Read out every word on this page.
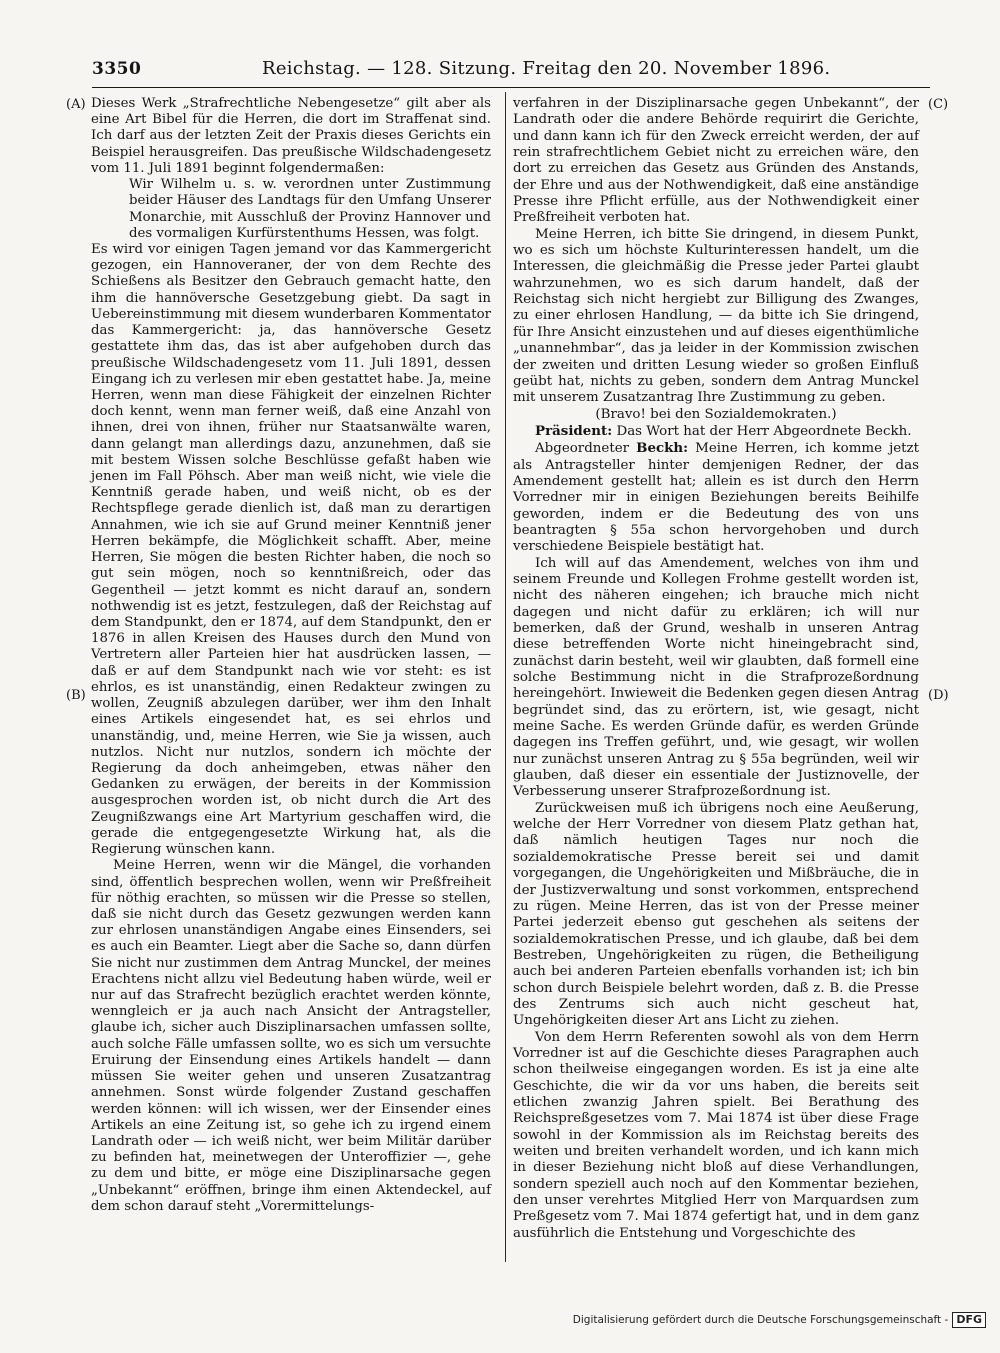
3350	Reichstag. — 128. Sitzung. Freitag den 20. November 1896.
(A)
(B)
(C)
(D)

Dieses Werk „Strafrechtliche Nebengesetze“ gilt aber als eine Art Bibel für die Herren, die dort im Straffenat sind. Ich darf aus der letzten Zeit der Praxis dieses Gerichts ein Beispiel herausgreifen. Das preußische Wildschadengesetz vom 11. Juli 1891 beginnt folgendermaßen:

Wir Wilhelm u. s. w. verordnen unter Zustimmung beider Häuser des Landtags für den Umfang Unserer Monarchie, mit Ausschluß der Provinz Hannover und des vormaligen Kurfürstenthums Hessen, was folgt.

Es wird vor einigen Tagen jemand vor das Kammergericht gezogen, ein Hannoveraner, der von dem Rechte des Schießens als Besitzer den Gebrauch gemacht hatte, den ihm die hannöversche Gesetzgebung giebt. Da sagt in Uebereinstimmung mit diesem wunderbaren Kommentator das Kammergericht: ja, das hannöversche Gesetz gestattete ihm das, das ist aber aufgehoben durch das preußische Wildschadengesetz vom 11. Juli 1891, dessen Eingang ich zu verlesen mir eben gestattet habe. Ja, meine Herren, wenn man diese Fähigkeit der einzelnen Richter doch kennt, wenn man ferner weiß, daß eine Anzahl von ihnen, drei von ihnen, früher nur Staatsanwälte waren, dann gelangt man allerdings dazu, anzunehmen, daß sie mit bestem Wissen solche Beschlüsse gefaßt haben wie jenen im Fall Pöhsch. Aber man weiß nicht, wie viele die Kenntniß gerade haben, und weiß nicht, ob es der Rechtspflege gerade dienlich ist, daß man zu derartigen Annahmen, wie ich sie auf Grund meiner Kenntniß jener Herren bekämpfe, die Möglichkeit schafft. Aber, meine Herren, Sie mögen die besten Richter haben, die noch so gut sein mögen, noch so kenntnißreich, oder das Gegentheil — jetzt kommt es nicht darauf an, sondern nothwendig ist es jetzt, festzulegen, daß der Reichstag auf dem Standpunkt, den er 1874, auf dem Standpunkt, den er 1876 in allen Kreisen des Hauses durch den Mund von Vertretern aller Parteien hier hat ausdrücken lassen, — daß er auf dem Standpunkt nach wie vor steht: es ist ehrlos, es ist unanständig, einen Redakteur zwingen zu wollen, Zeugniß abzulegen darüber, wer ihm den Inhalt eines Artikels eingesendet hat, es sei ehrlos und unanständig, und, meine Herren, wie Sie ja wissen, auch nutzlos. Nicht nur nutzlos, sondern ich möchte der Regierung da doch anheimgeben, etwas näher den Gedanken zu erwägen, der bereits in der Kommission ausgesprochen worden ist, ob nicht durch die Art des Zeugnißzwangs eine Art Martyrium geschaffen wird, die gerade die entgegengesetzte Wirkung hat, als die Regierung wünschen kann.

Meine Herren, wenn wir die Mängel, die vorhanden sind, öffentlich besprechen wollen, wenn wir Preßfreiheit für nöthig erachten, so müssen wir die Presse so stellen, daß sie nicht durch das Gesetz gezwungen werden kann zur ehrlosen unanständigen Angabe eines Einsenders, sei es auch ein Beamter. Liegt aber die Sache so, dann dürfen Sie nicht nur zustimmen dem Antrag Munckel, der meines Erachtens nicht allzu viel Bedeutung haben würde, weil er nur auf das Strafrecht bezüglich erachtet werden könnte, wenngleich er ja auch nach Ansicht der Antragsteller, glaube ich, sicher auch Disziplinarsachen umfassen sollte, auch solche Fälle umfassen sollte, wo es sich um versuchte Eruirung der Einsendung eines Artikels handelt — dann müssen Sie weiter gehen und unseren Zusatzantrag annehmen. Sonst würde folgender Zustand geschaffen werden können: will ich wissen, wer der Einsender eines Artikels an eine Zeitung ist, so gehe ich zu irgend einem Landrath oder — ich weiß nicht, wer beim Militär darüber zu befinden hat, meinetwegen der Unteroffizier —, gehe zu dem und bitte, er möge eine Disziplinarsache gegen „Unbekannt“ eröffnen, bringe ihm einen Aktendeckel, auf dem schon darauf steht „Vorermittelungs-

verfahren in der Disziplinarsache gegen Unbekannt“, der Landrath oder die andere Behörde requirirt die Gerichte, und dann kann ich für den Zweck erreicht werden, der auf rein strafrechtlichem Gebiet nicht zu erreichen wäre, den dort zu erreichen das Gesetz aus Gründen des Anstands, der Ehre und aus der Nothwendigkeit, daß eine anständige Presse ihre Pflicht erfülle, aus der Nothwendigkeit einer Preßfreiheit verboten hat.

Meine Herren, ich bitte Sie dringend, in diesem Punkt, wo es sich um höchste Kulturinteressen handelt, um die Interessen, die gleichmäßig die Presse jeder Partei glaubt wahrzunehmen, wo es sich darum handelt, daß der Reichstag sich nicht hergiebt zur Billigung des Zwanges, zu einer ehrlosen Handlung, — da bitte ich Sie dringend, für Ihre Ansicht einzustehen und auf dieses eigenthümliche „unannehmbar“, das ja leider in der Kommission zwischen der zweiten und dritten Lesung wieder so großen Einfluß geübt hat, nichts zu geben, sondern dem Antrag Munckel mit unserem Zusatzantrag Ihre Zustimmung zu geben.

(Bravo! bei den Sozialdemokraten.)

Präsident: Das Wort hat der Herr Abgeordnete Beckh.

Abgeordneter Beckh: Meine Herren, ich komme jetzt als Antragsteller hinter demjenigen Redner, der das Amendement gestellt hat; allein es ist durch den Herrn Vorredner mir in einigen Beziehungen bereits Beihilfe geworden, indem er die Bedeutung des von uns beantragten § 55a schon hervorgehoben und durch verschiedene Beispiele bestätigt hat.

Ich will auf das Amendement, welches von ihm und seinem Freunde und Kollegen Frohme gestellt worden ist, nicht des näheren eingehen; ich brauche mich nicht dagegen und nicht dafür zu erklären; ich will nur bemerken, daß der Grund, weshalb in unseren Antrag diese betreffenden Worte nicht hineingebracht sind, zunächst darin besteht, weil wir glaubten, daß formell eine solche Bestimmung nicht in die Strafprozeßordnung hereingehört. Inwieweit die Bedenken gegen diesen Antrag begründet sind, das zu erörtern, ist, wie gesagt, nicht meine Sache. Es werden Gründe dafür, es werden Gründe dagegen ins Treffen geführt, und, wie gesagt, wir wollen nur zunächst unseren Antrag zu § 55a begründen, weil wir glauben, daß dieser ein essentiale der Justiznovelle, der Verbesserung unserer Strafprozeßordnung ist.

Zurückweisen muß ich übrigens noch eine Aeußerung, welche der Herr Vorredner von diesem Platz gethan hat, daß nämlich heutigen Tages nur noch die sozialdemokratische Presse bereit sei und damit vorgegangen, die Ungehörigkeiten und Mißbräuche, die in der Justizverwaltung und sonst vorkommen, entsprechend zu rügen. Meine Herren, das ist von der Presse meiner Partei jederzeit ebenso gut geschehen als seitens der sozialdemokratischen Presse, und ich glaube, daß bei dem Bestreben, Ungehörigkeiten zu rügen, die Betheiligung auch bei anderen Parteien ebenfalls vorhanden ist; ich bin schon durch Beispiele belehrt worden, daß z. B. die Presse des Zentrums sich auch nicht gescheut hat, Ungehörigkeiten dieser Art ans Licht zu ziehen.

Von dem Herrn Referenten sowohl als von dem Herrn Vorredner ist auf die Geschichte dieses Paragraphen auch schon theilweise eingegangen worden. Es ist ja eine alte Geschichte, die wir da vor uns haben, die bereits seit etlichen zwanzig Jahren spielt. Bei Berathung des Reichspreßgesetzes vom 7. Mai 1874 ist über diese Frage sowohl in der Kommission als im Reichstag bereits des weiten und breiten verhandelt worden, und ich kann mich in dieser Beziehung nicht bloß auf diese Verhandlungen, sondern speziell auch noch auf den Kommentar beziehen, den unser verehrtes Mitglied Herr von Marquardsen zum Preßgesetz vom 7. Mai 1874 gefertigt hat, und in dem ganz ausführlich die Entstehung und Vorgeschichte des

Digitalisierung gefördert durch die Deutsche Forschungsgemeinschaft - DFG
